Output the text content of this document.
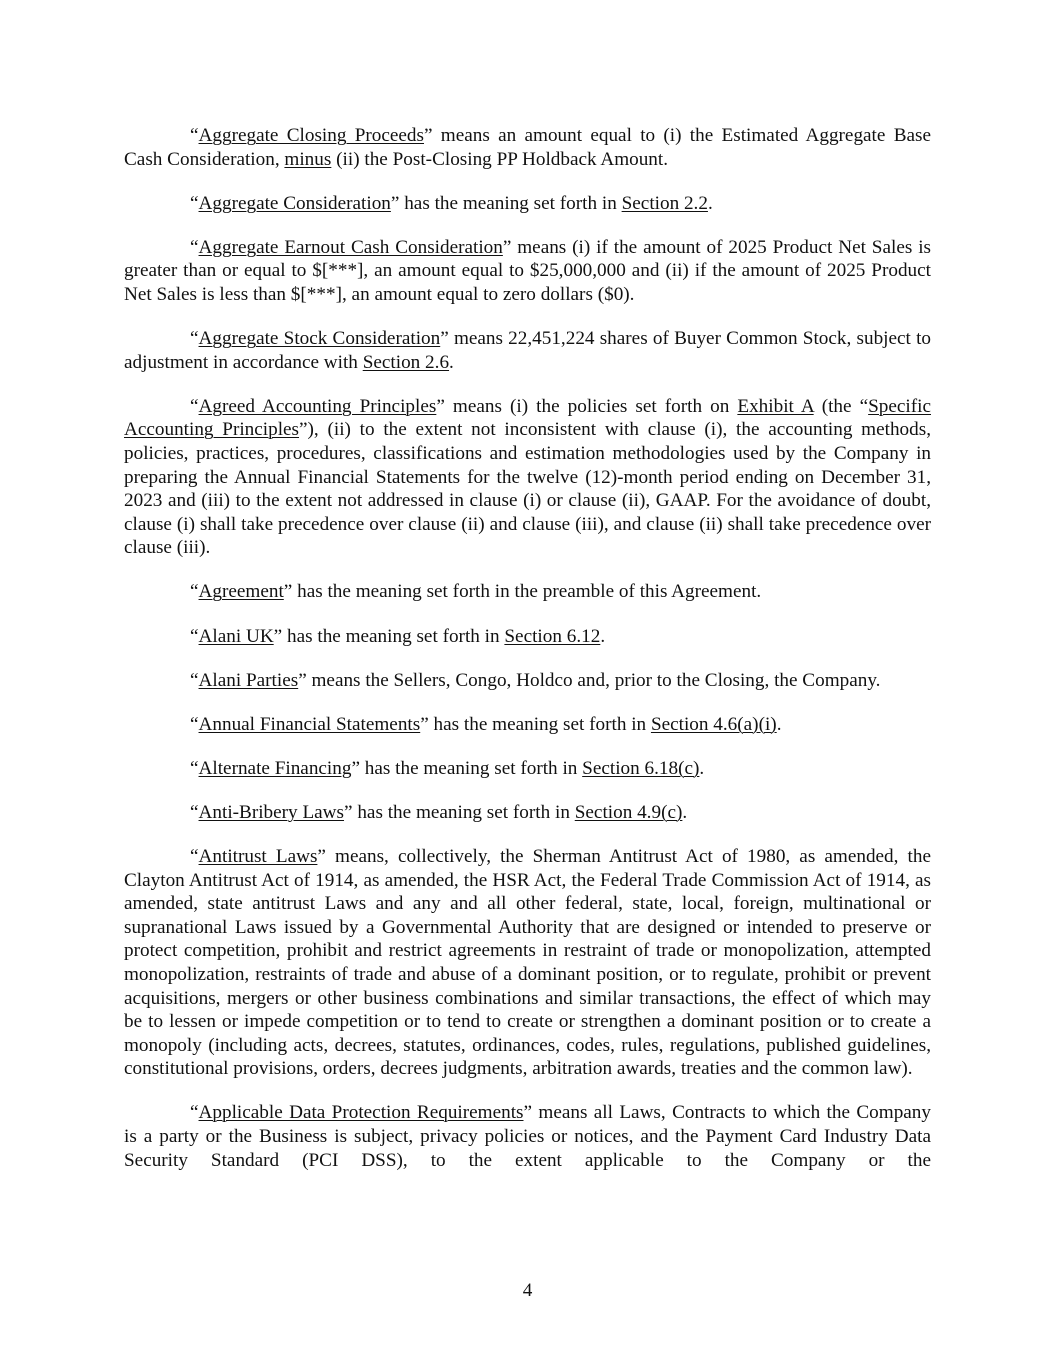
“Aggregate Closing Proceeds” means an amount equal to (i) the Estimated Aggregate Base Cash Consideration, minus (ii) the Post-Closing PP Holdback Amount.

“Aggregate Consideration” has the meaning set forth in Section 2.2.

“Aggregate Earnout Cash Consideration” means (i) if the amount of 2025 Product Net Sales is greater than or equal to $[***], an amount equal to $25,000,000 and (ii) if the amount of 2025 Product Net Sales is less than $[***], an amount equal to zero dollars ($0).

“Aggregate Stock Consideration” means 22,451,224 shares of Buyer Common Stock, subject to adjustment in accordance with Section 2.6.

“Agreed Accounting Principles” means (i) the policies set forth on Exhibit A (the “Specific Accounting Principles”), (ii) to the extent not inconsistent with clause (i), the accounting methods, policies, practices, procedures, classifications and estimation methodologies used by the Company in preparing the Annual Financial Statements for the twelve (12)-month period ending on December 31, 2023 and (iii) to the extent not addressed in clause (i) or clause (ii), GAAP. For the avoidance of doubt, clause (i) shall take precedence over clause (ii) and clause (iii), and clause (ii) shall take precedence over clause (iii).

“Agreement” has the meaning set forth in the preamble of this Agreement.

“Alani UK” has the meaning set forth in Section 6.12.

“Alani Parties” means the Sellers, Congo, Holdco and, prior to the Closing, the Company.

“Annual Financial Statements” has the meaning set forth in Section 4.6(a)(i).

“Alternate Financing” has the meaning set forth in Section 6.18(c).

“Anti-Bribery Laws” has the meaning set forth in Section 4.9(c).

“Antitrust Laws” means, collectively, the Sherman Antitrust Act of 1980, as amended, the Clayton Antitrust Act of 1914, as amended, the HSR Act, the Federal Trade Commission Act of 1914, as amended, state antitrust Laws and any and all other federal, state, local, foreign, multinational or supranational Laws issued by a Governmental Authority that are designed or intended to preserve or protect competition, prohibit and restrict agreements in restraint of trade or monopolization, attempted monopolization, restraints of trade and abuse of a dominant position, or to regulate, prohibit or prevent acquisitions, mergers or other business combinations and similar transactions, the effect of which may be to lessen or impede competition or to tend to create or strengthen a dominant position or to create a monopoly (including acts, decrees, statutes, ordinances, codes, rules, regulations, published guidelines, constitutional provisions, orders, decrees judgments, arbitration awards, treaties and the common law).

“Applicable Data Protection Requirements” means all Laws, Contracts to which the Company is a party or the Business is subject, privacy policies or notices, and the Payment Card Industry Data Security Standard (PCI DSS), to the extent applicable to the Company or the

4
